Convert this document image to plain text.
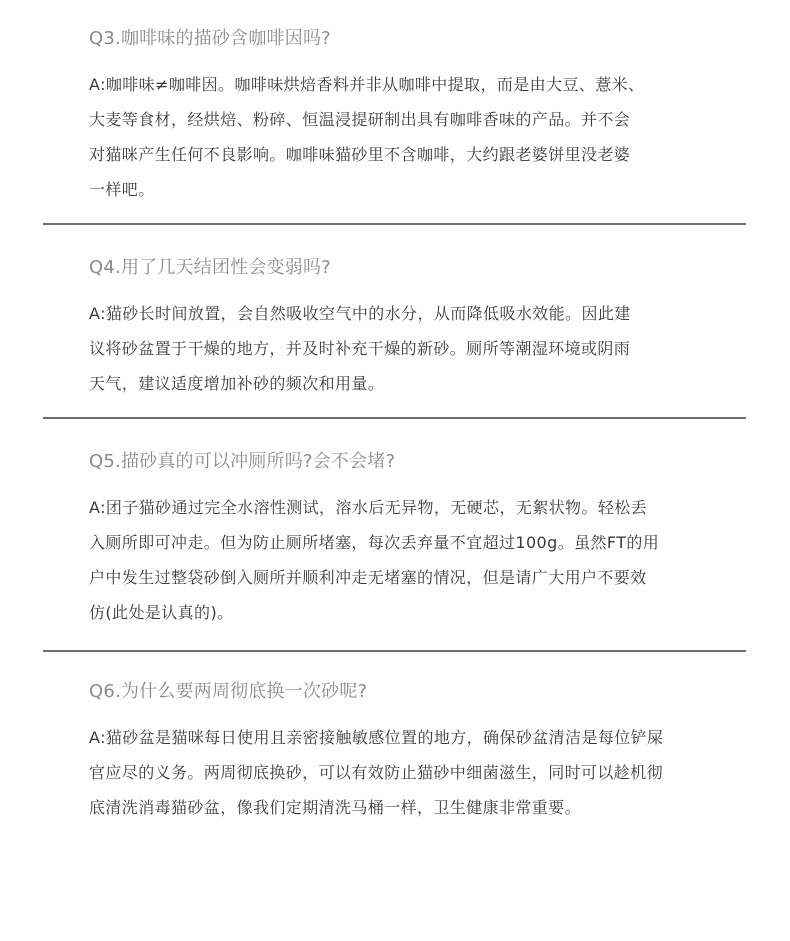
Q3.咖啡味的描砂含咖啡因吗?
A:咖啡味≠咖啡因。咖啡味烘焙香料并非从咖啡中提取，而是由大豆、薏米、
大麦等食材，经烘焙、粉碎、恒温浸提研制出具有咖啡香味的产品。并不会
对猫咪产生任何不良影响。咖啡味猫砂里不含咖啡，大约跟老婆饼里没老婆
一样吧。
Q4.用了几天结团性会变弱吗?
A:猫砂长时间放置，会自然吸收空气中的水分，从而降低吸水效能。因此建
议将砂盆置于干燥的地方，并及时补充干燥的新砂。厕所等潮湿环境或阴雨
天气，建议适度增加补砂的频次和用量。
Q5.描砂真的可以冲厕所吗?会不会堵?
A:团子猫砂通过完全水溶性测试，溶水后无异物，无硬芯，无絮状物。轻松丢
入厕所即可冲走。但为防止厕所堵塞，每次丢弃量不宜超过100g。虽然FT的用
户中发生过整袋砂倒入厕所并顺利冲走无堵塞的情况，但是请广大用户不要效
仿(此处是认真的)。
Q6.为什么要两周彻底换一次砂呢?
A:猫砂盆是猫咪每日使用且亲密接触敏感位置的地方，确保砂盆清洁是每位铲屎
官应尽的义务。两周彻底换砂，可以有效防止猫砂中细菌滋生，同时可以趁机彻
底清洗消毒猫砂盆，像我们定期清洗马桶一样，卫生健康非常重要。
